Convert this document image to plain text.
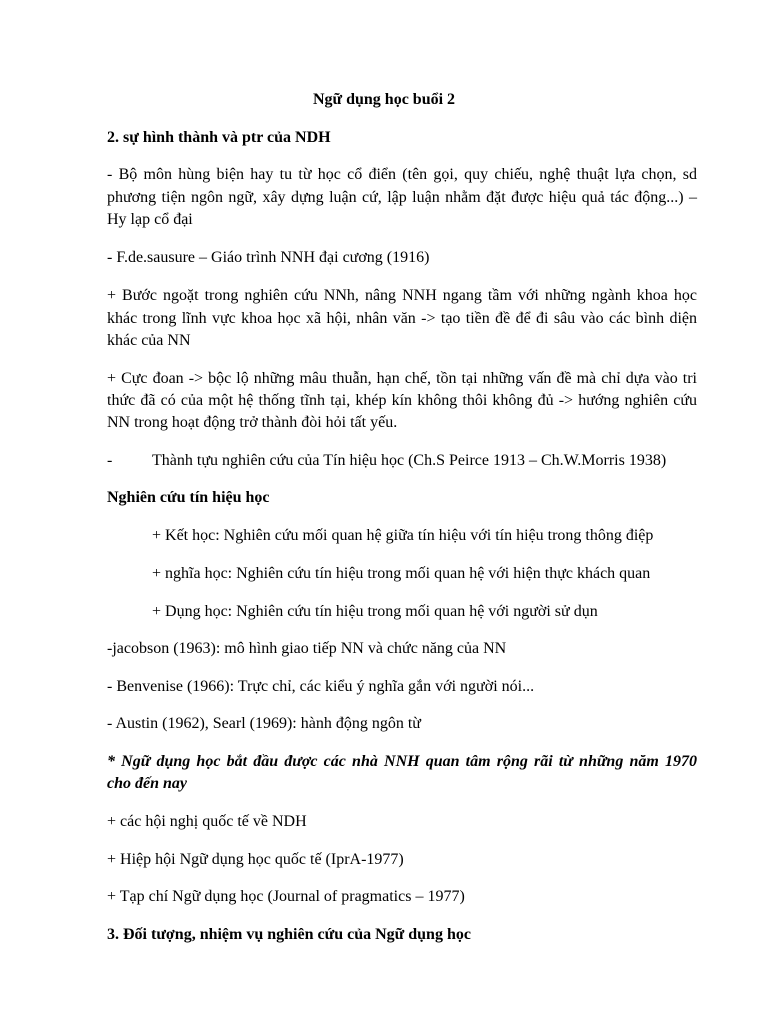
Ngữ dụng học buổi 2

2. sự hình thành và ptr của NDH

- Bộ môn hùng biện hay tu từ học cổ điển (tên gọi, quy chiếu, nghệ thuật lựa chọn, sd

phương tiện ngôn ngữ, xây dựng luận cứ, lập luận nhằm đặt được hiệu quả tác động...) –

Hy lạp cổ đại

- F.de.sausure – Giáo trình NNH đại cương (1916)

+ Bước ngoặt trong nghiên cứu NNh, nâng NNH ngang tầm với những ngành khoa học

khác trong lĩnh vực khoa học xã hội, nhân văn -> tạo tiền đề để đi sâu vào các bình diện

khác của NN

+ Cực đoan -> bộc lộ những mâu thuẫn, hạn chế, tồn tại những vấn đề mà chỉ dựa vào tri

thức đã có của một hệ thống tĩnh tại, khép kín không thôi không đủ -> hướng nghiên cứu

NN trong hoạt động trở thành đòi hỏi tất yếu.

- Thành tựu nghiên cứu của Tín hiệu học (Ch.S Peirce 1913 – Ch.W.Morris 1938)

Nghiên cứu tín hiệu học

+ Kết học: Nghiên cứu mối quan hệ giữa tín hiệu với tín hiệu trong thông điệp

+ nghĩa học: Nghiên cứu tín hiệu trong mối quan hệ với hiện thực khách quan

+ Dụng học: Nghiên cứu tín hiệu trong mối quan hệ với người sử dụn

-jacobson (1963): mô hình giao tiếp NN và chức năng của NN

- Benvenise (1966): Trực chỉ, các kiểu ý nghĩa gắn với người nói...

- Austin (1962), Searl (1969): hành động ngôn từ

* Ngữ dụng học bắt đầu được các nhà NNH quan tâm rộng rãi từ những năm 1970

cho đến nay

+ các hội nghị quốc tế về NDH

+ Hiệp hội Ngữ dụng học quốc tế (IprA-1977)

+ Tạp chí Ngữ dụng học (Journal of pragmatics – 1977)

3. Đối tượng, nhiệm vụ nghiên cứu của Ngữ dụng học
